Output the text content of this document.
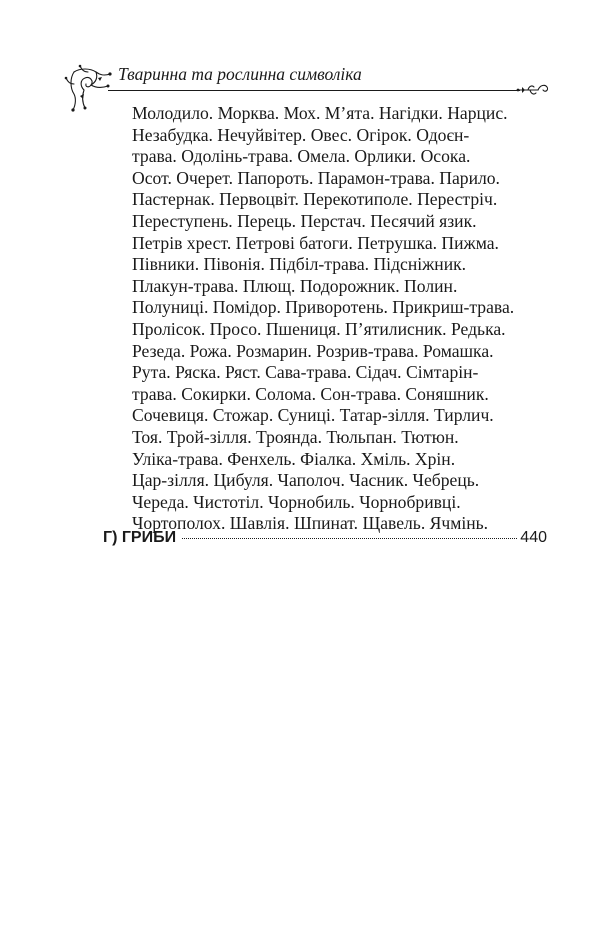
Тваринна та рослинна символіка
Молодило. Морква. Мох. М’ята. Нагідки. Нарцис.
Незабудка. Нечуйвітер. Овес. Огірок. Одоєн-
трава. Одолінь-трава. Омела. Орлики. Осока.
Осот. Очерет. Папороть. Парамон-трава. Парило.
Пастернак. Первоцвіт. Перекотиполе. Перестріч.
Переступень. Перець. Перстач. Песячий язик.
Петрів хрест. Петрові батоги. Петрушка. Пижма.
Півники. Півонія. Підбіл-трава. Підсніжник.
Плакун-трава. Плющ. Подорожник. Полин.
Полуниці. Помідор. Приворотень. Прикриш-трава.
Пролісок. Просо. Пшениця. П’ятилисник. Редька.
Резеда. Рожа. Розмарин. Розрив-трава. Ромашка.
Рута. Ряска. Ряст. Сава-трава. Сідач. Сімтарін-
трава. Сокирки. Солома. Сон-трава. Соняшник.
Сочевиця. Стожар. Суниці. Татар-зілля. Тирлич.
Тоя. Трой-зілля. Троянда. Тюльпан. Тютюн.
Уліка-трава. Фенхель. Фіалка. Хміль. Хрін.
Цар-зілля. Цибуля. Чаполоч. Часник. Чебрець.
Череда. Чистотіл. Чорнобиль. Чорнобривці.
Чортополох. Шавлія. Шпинат. Щавель. Ячмінь.
Г) ГРИБИ	440
